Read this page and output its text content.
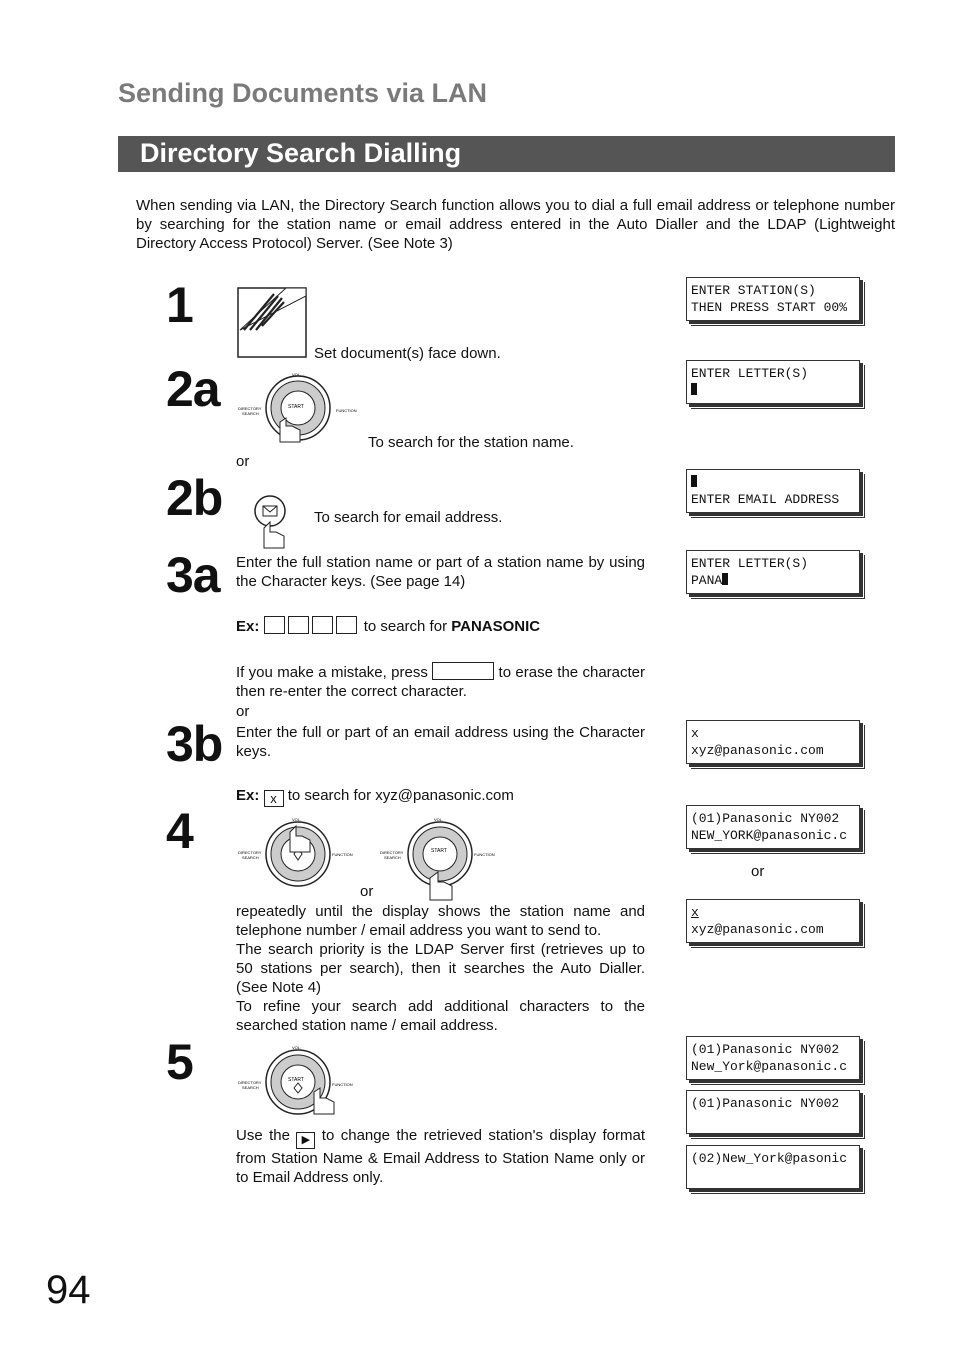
Sending Documents via LAN
Directory Search Dialling
When sending via LAN, the Directory Search function allows you to dial a full email address or telephone number by searching for the station name or email address entered in the Auto Dialler and the LDAP (Lightweight Directory Access Protocol) Server. (See Note 3)
1
Set document(s) face down.
ENTER STATION(S)
THEN PRESS START 00%
2a	START
VOL.
DIRECTORY
SEARCH
FUNCTION
To search for the station name.
ENTER LETTER(S)

or
2b	To search for email address.

ENTER EMAIL ADDRESS
3a Enter the full station name or part of a station name by using the Character keys. (See page 14)
Ex:	to search for PANASONIC
If you make a mistake, press	to erase the character then re-enter the correct character.
ENTER LETTER(S)
PANA
or
3b Enter the full or part of an email address using the Character keys.
Ex: x to search for xyz@panasonic.com
x
xyz@panasonic.com
4	VOL.
DIRECTORY
SEARCH
FUNCTION
START
VOL.
DIRECTORY
SEARCH
FUNCTION
or
repeatedly until the display shows the station name and telephone number / email address you want to send to.
The search priority is the LDAP Server first (retrieves up to 50 stations per search), then it searches the Auto Dialler. (See Note 4)
To refine your search add additional characters to the searched station name / email address.
(01)Panasonic NY002
NEW_YORK@panasonic.c
or
x
xyz@panasonic.com
5	START
VOL.
DIRECTORY
SEARCH
FUNCTION
Use the ▶ to change the retrieved station's display format from Station Name & Email Address to Station Name only or to Email Address only.
(01)Panasonic NY002
New_York@panasonic.c
(01)Panasonic NY002
(02)New_York@pasonic
94
